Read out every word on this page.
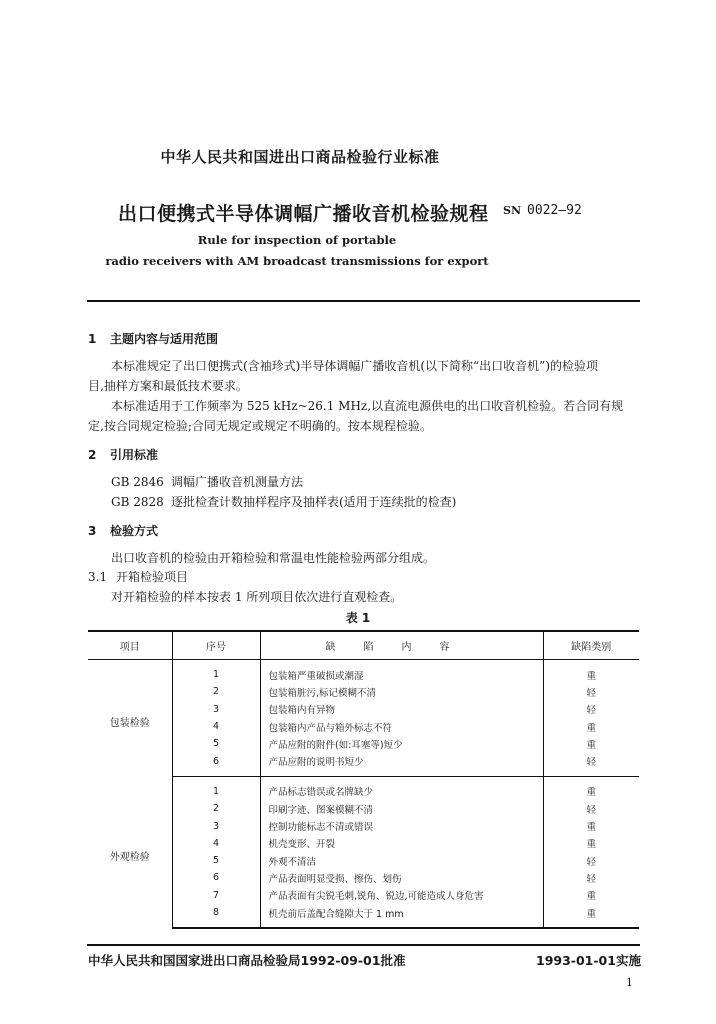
中华人民共和国进出口商品检验行业标准
出口便携式半导体调幅广播收音机检验规程 SN 0022—92
Rule for inspection of portable
radio receivers with AM broadcast transmissions for export
1 主题内容与适用范围
本标准规定了出口便携式(含袖珍式)半导体调幅广播收音机(以下简称“出口收音机”)的检验项
目,抽样方案和最低技术要求。
本标准适用于工作频率为 525 kHz~26.1 MHz,以直流电源供电的出口收音机检验。若合同有规
定,按合同规定检验;合同无规定或规定不明确的。按本规程检验。
2 引用标准
GB 2846 调幅广播收音机测量方法
GB 2828 逐批检查计数抽样程序及抽样表(适用于连续批的检查)
3 检验方式
出口收音机的检验由开箱检验和常温电性能检验两部分组成。
3.1 开箱检验项目
对开箱检验的样本按表 1 所列项目依次进行直观检查。
表 1
项目	序号	缺陷内容	缺陷类别
包装检验	1	包装箱严重破损或潮湿	重
	2	包装箱脏污,标记模糊不清	轻
	3	包装箱内有异物	轻
	4	包装箱内产品与箱外标志不符	重
	5	产品应附的附件(如:耳塞等)短少	重
	6	产品应附的说明书短少	轻
外观检验	1	产品标志错误或名牌缺少	重
	2	印刷字迹、图案模糊不清	轻
	3	控制功能标志不清或错误	重
	4	机壳变形、开裂	重
	5	外观不清洁	轻
	6	产品表面明显受损、擦伤、划伤	轻
	7	产品表面有尖锐毛刺,锐角、锐边,可能造成人身危害	重
	8	机壳前后盖配合缝隙大于 1 mm	重
中华人民共和国国家进出口商品检验局1992-09-01批准	1993-01-01实施
1
